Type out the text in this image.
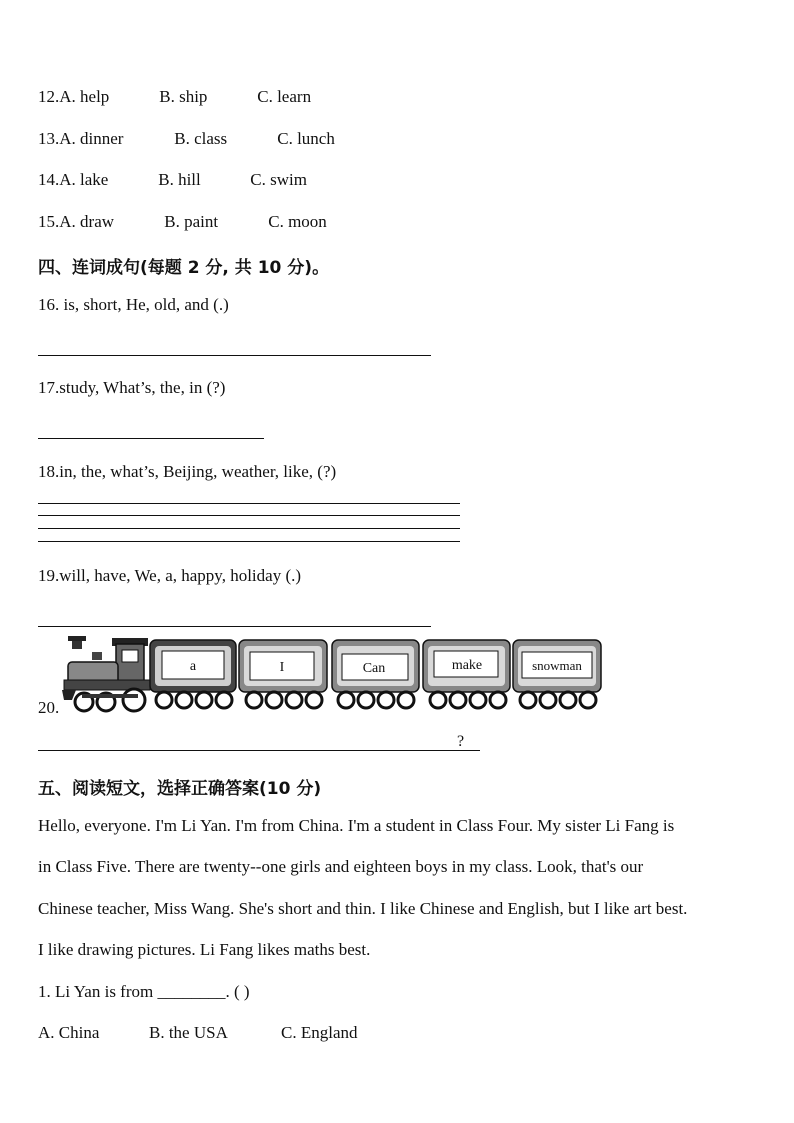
12.A. help	B. ship	C. learn
13.A. dinner	B. class	C. lunch
14.A. lake	B. hill	C. swim
15.A. draw	B. paint	C. moon
四、连词成句(每题 2 分, 共 10 分)。
16. is, short, He, old, and (.)
17.study, What’s, the, in (?)
18.in, the, what’s, Beijing, weather, like, (?)
19.will, have, We, a, happy, holiday (.)
20.
a	I	Can	make	snowman
?
五、阅读短文，选择正确答案(10 分)
Hello, everyone. I'm Li Yan. I'm from China. I'm a student in Class Four. My sister Li Fang is
in Class Five. There are twenty--one girls and eighteen boys in my class. Look, that's our
Chinese teacher, Miss Wang. She's short and thin. I like Chinese and English, but I like art best.
I like drawing pictures. Li Fang likes maths best.
1. Li Yan is from ________. ( )
A. China	B. the USA	C. England
